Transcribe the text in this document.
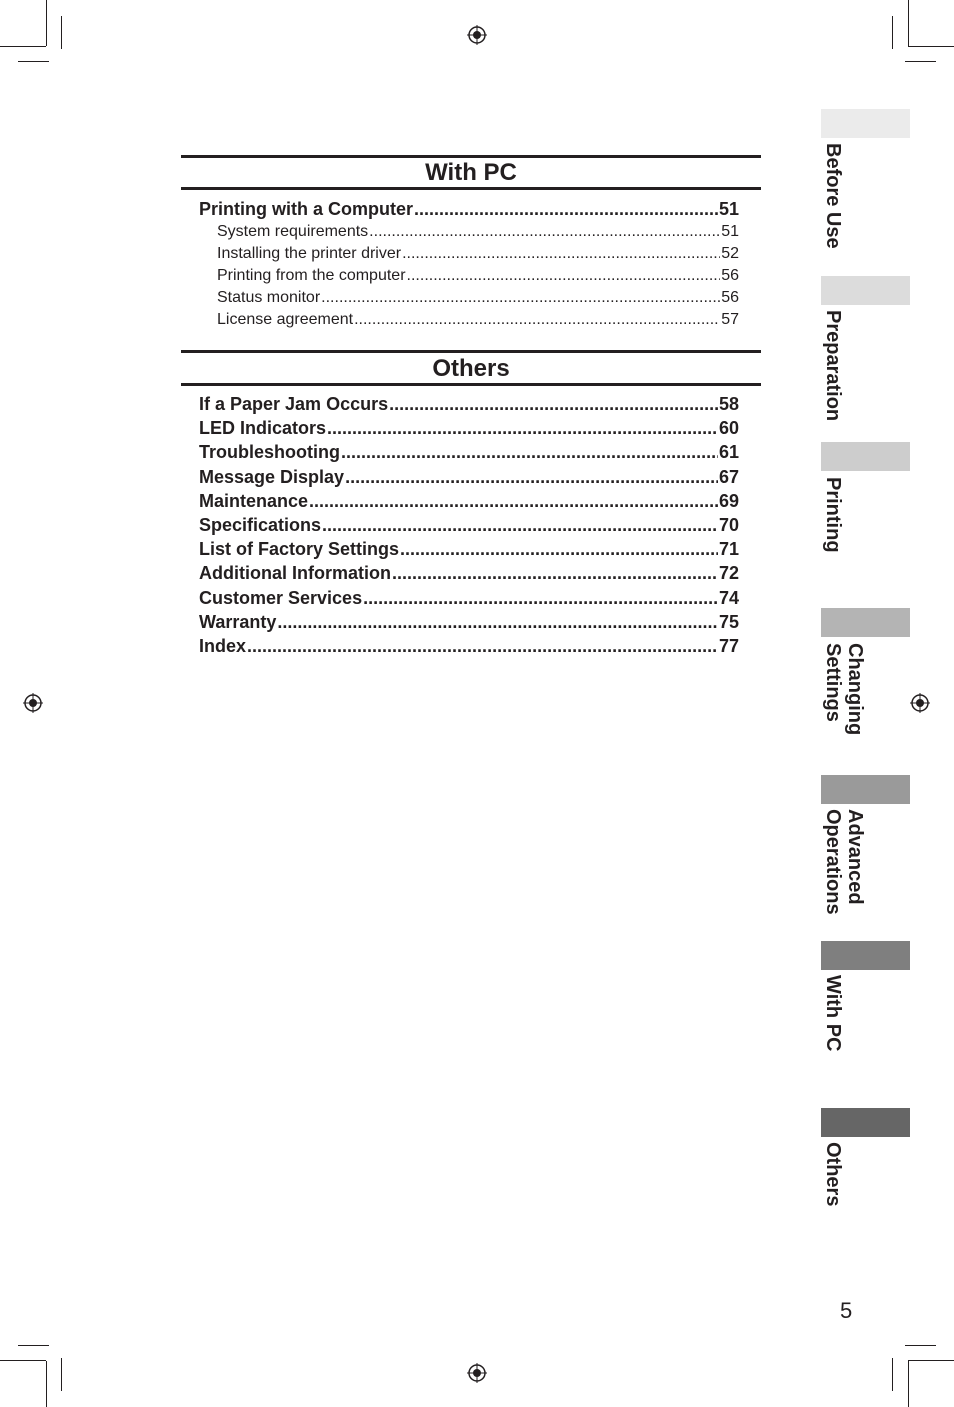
With PC
Printing with a Computer .....	51
System requirements .....	51
Installing the printer driver .....	52
Printing from the computer .....	56
Status monitor .....	56
License agreement .....	57
Others
If a Paper Jam Occurs .....	58
LED Indicators .....	60
Troubleshooting .....	61
Message Display .....	67
Maintenance .....	69
Specifications .....	70
List of Factory Settings .....	71
Additional Information .....	72
Customer Services .....	74
Warranty .....	75
Index .....	77
Before Use
Preparation
Printing
Changing
Settings
Advanced
Operations
With PC
Others
5
